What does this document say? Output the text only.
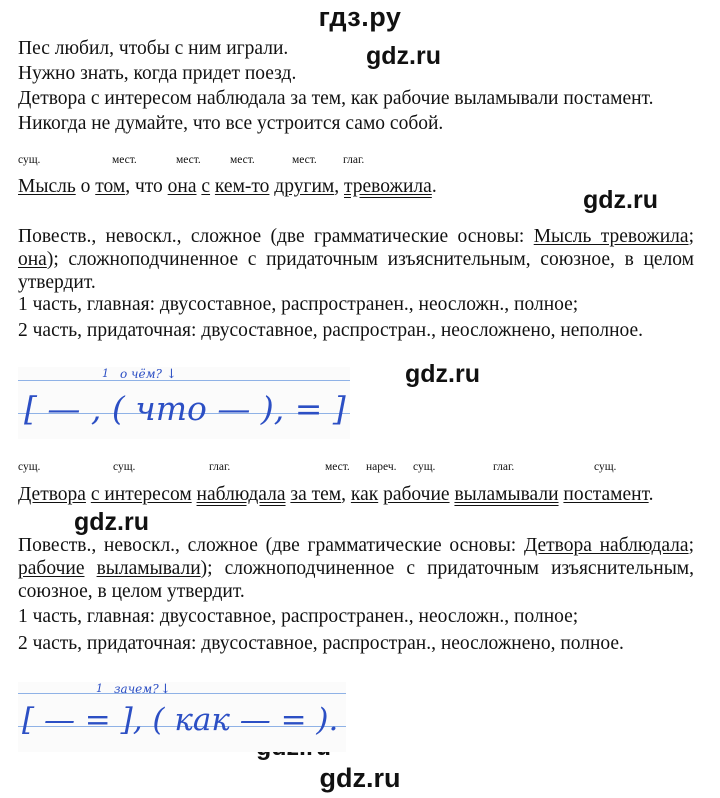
гдз.ру
gdz.ru
gdz.ru
gdz.ru
gdz.ru
Пес любил, чтобы с ним играли.
Нужно знать, когда придет поезд.
Детвора с интересом наблюдала за тем, как рабочие выламывали постамент.
Никогда не думайте, что все устроится само собой.
сущ.	мест.	мест.	мест.	мест. глаг.
Мысль о том, что она с кем-то другим, тревожила.
Повеств., невоскл., сложное (две грамматические основы: Мысль тревожила; она); сложноподчиненное с придаточным изъяснительным, союзное, в целом утвердит.
1 часть, главная: двусоставное, распространен., неосложн., полное;
2 часть, придаточная: двусоставное, распростран., неосложнено, неполное.
1 о чём? ↓
[ — , ( что — ), = ]
сущ.	сущ.	глаг.	мест. нареч. сущ.	глаг.	сущ.
Детвора с интересом наблюдала за тем, как рабочие выламывали постамент.
Повеств., невоскл., сложное (две грамматические основы: Детвора наблюдала; рабочие выламывали); сложноподчиненное с придаточным изъяснительным, союзное, в целом утвердит.
1 часть, главная: двусоставное, распространен., неосложн., полное;
2 часть, придаточная: двусоставное, распростран., неосложнено, полное.
1 зачем? ↓
[ — = ], ( как — = ).
gdz.ru
